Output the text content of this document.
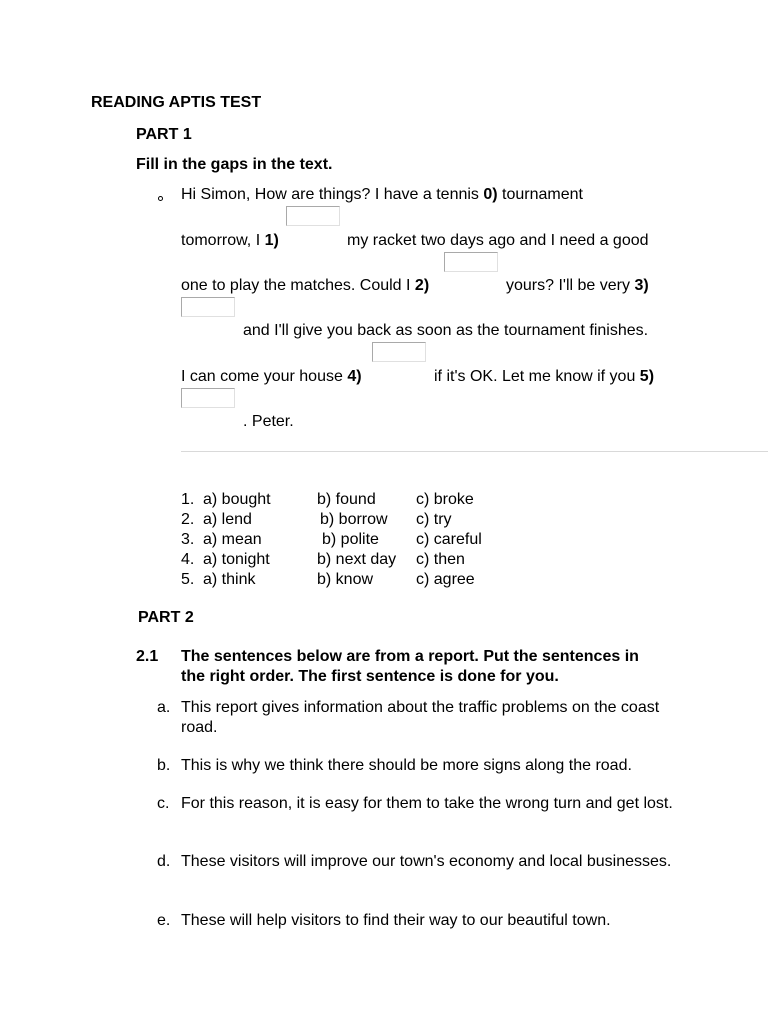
READING APTIS TEST
PART 1
Fill in the gaps in the text.
Hi Simon, How are things? I have a tennis 0) tournament
tomorrow, I 1)	my racket two days ago and I need a good
one to play the matches. Could I 2)	yours? I'll be very 3)
and I'll give you back as soon as the tournament finishes.
I can come your house 4)	if it's OK. Let me know if you 5)
. Peter.
1.	a) bought	b) found	c) broke
2.	a) lend	b) borrow	c) try
3.	a) mean	b) polite	c) careful
4.	a) tonight	b) next day	c) then
5.	a) think	b) know	c) agree
PART 2
2.1 The sentences below are from a report. Put the sentences in
the right order. The first sentence is done for you.
a. This report gives information about the traffic problems on the coast road.
b. This is why we think there should be more signs along the road.
c. For this reason, it is easy for them to take the wrong turn and get lost.
d. These visitors will improve our town's economy and local businesses.
e. These will help visitors to find their way to our beautiful town.
